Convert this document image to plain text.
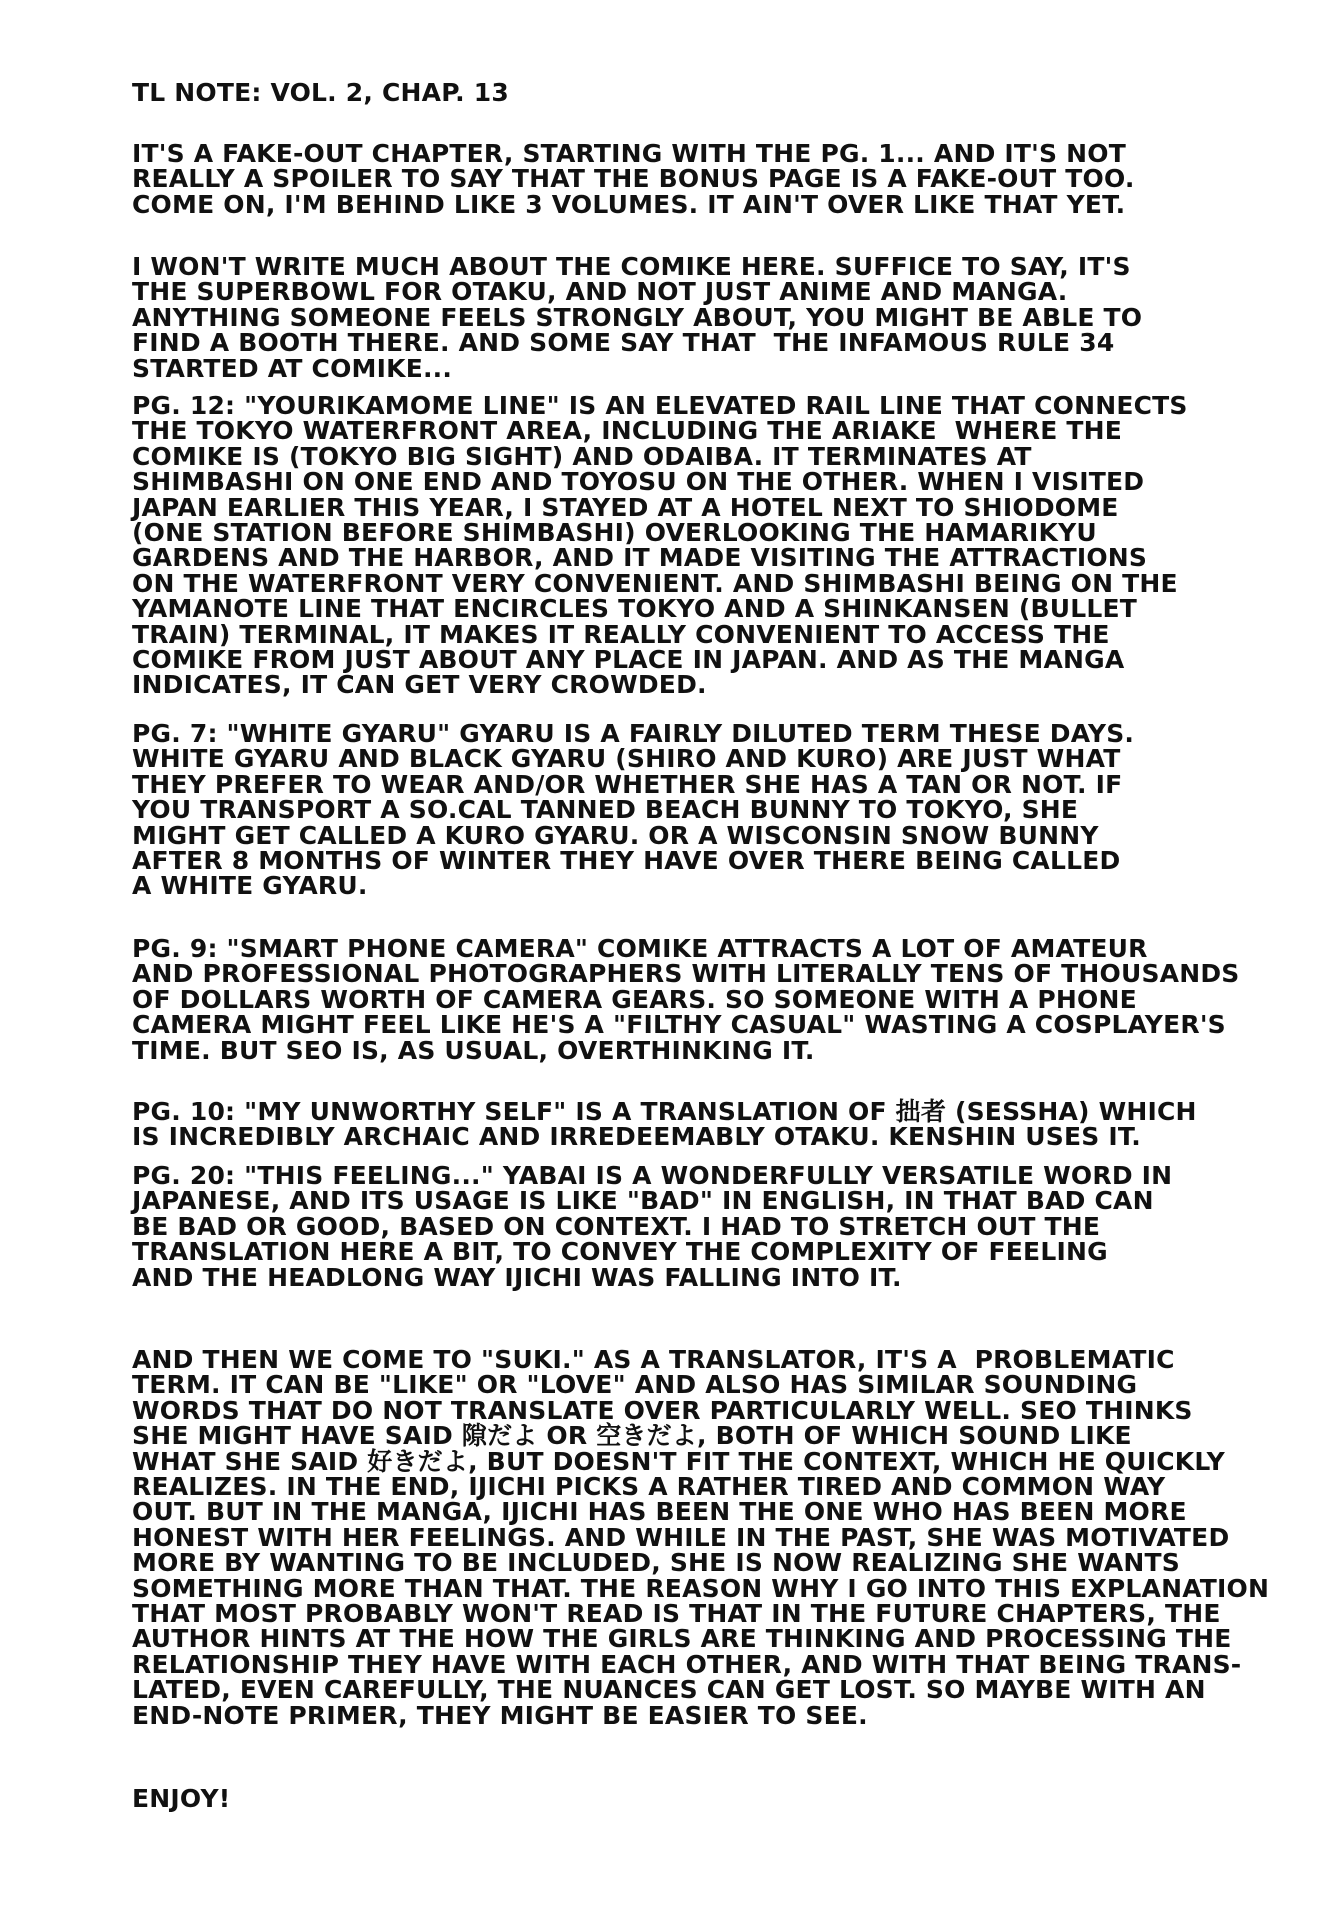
TL NOTE: VOL. 2, CHAP. 13

IT'S A FAKE-OUT CHAPTER, STARTING WITH THE PG. 1... AND IT'S NOT
REALLY A SPOILER TO SAY THAT THE BONUS PAGE IS A FAKE-OUT TOO.
COME ON, I'M BEHIND LIKE 3 VOLUMES. IT AIN'T OVER LIKE THAT YET.

I WON'T WRITE MUCH ABOUT THE COMIKE HERE. SUFFICE TO SAY, IT'S
THE SUPERBOWL FOR OTAKU, AND NOT JUST ANIME AND MANGA.
ANYTHING SOMEONE FEELS STRONGLY ABOUT, YOU MIGHT BE ABLE TO
FIND A BOOTH THERE. AND SOME SAY THAT  THE INFAMOUS RULE 34
STARTED AT COMIKE...

PG. 12: "YOURIKAMOME LINE" IS AN ELEVATED RAIL LINE THAT CONNECTS
THE TOKYO WATERFRONT AREA, INCLUDING THE ARIAKE  WHERE THE
COMIKE IS (TOKYO BIG SIGHT) AND ODAIBA. IT TERMINATES AT
SHIMBASHI ON ONE END AND TOYOSU ON THE OTHER. WHEN I VISITED
JAPAN EARLIER THIS YEAR, I STAYED AT A HOTEL NEXT TO SHIODOME
(ONE STATION BEFORE SHIMBASHI) OVERLOOKING THE HAMARIKYU
GARDENS AND THE HARBOR, AND IT MADE VISITING THE ATTRACTIONS
ON THE WATERFRONT VERY CONVENIENT. AND SHIMBASHI BEING ON THE
YAMANOTE LINE THAT ENCIRCLES TOKYO AND A SHINKANSEN (BULLET
TRAIN) TERMINAL, IT MAKES IT REALLY CONVENIENT TO ACCESS THE
COMIKE FROM JUST ABOUT ANY PLACE IN JAPAN. AND AS THE MANGA
INDICATES, IT CAN GET VERY CROWDED.

PG. 7: "WHITE GYARU" GYARU IS A FAIRLY DILUTED TERM THESE DAYS.
WHITE GYARU AND BLACK GYARU (SHIRO AND KURO) ARE JUST WHAT
THEY PREFER TO WEAR AND/OR WHETHER SHE HAS A TAN OR NOT. IF
YOU TRANSPORT A SO.CAL TANNED BEACH BUNNY TO TOKYO, SHE
MIGHT GET CALLED A KURO GYARU. OR A WISCONSIN SNOW BUNNY
AFTER 8 MONTHS OF WINTER THEY HAVE OVER THERE BEING CALLED
A WHITE GYARU.

PG. 9: "SMART PHONE CAMERA" COMIKE ATTRACTS A LOT OF AMATEUR
AND PROFESSIONAL PHOTOGRAPHERS WITH LITERALLY TENS OF THOUSANDS
OF DOLLARS WORTH OF CAMERA GEARS. SO SOMEONE WITH A PHONE
CAMERA MIGHT FEEL LIKE HE'S A "FILTHY CASUAL" WASTING A COSPLAYER'S
TIME. BUT SEO IS, AS USUAL, OVERTHINKING IT.

PG. 10: "MY UNWORTHY SELF" IS A TRANSLATION OF 拙者 (SESSHA) WHICH
IS INCREDIBLY ARCHAIC AND IRREDEEMABLY OTAKU. KENSHIN USES IT.

PG. 20: "THIS FEELING..." YABAI IS A WONDERFULLY VERSATILE WORD IN
JAPANESE, AND ITS USAGE IS LIKE "BAD" IN ENGLISH, IN THAT BAD CAN
BE BAD OR GOOD, BASED ON CONTEXT. I HAD TO STRETCH OUT THE
TRANSLATION HERE A BIT, TO CONVEY THE COMPLEXITY OF FEELING
AND THE HEADLONG WAY IJICHI WAS FALLING INTO IT.

AND THEN WE COME TO "SUKI." AS A TRANSLATOR, IT'S A  PROBLEMATIC
TERM. IT CAN BE "LIKE" OR "LOVE" AND ALSO HAS SIMILAR SOUNDING
WORDS THAT DO NOT TRANSLATE OVER PARTICULARLY WELL. SEO THINKS
SHE MIGHT HAVE SAID 隙だよ OR 空きだよ, BOTH OF WHICH SOUND LIKE
WHAT SHE SAID 好きだよ, BUT DOESN'T FIT THE CONTEXT, WHICH HE QUICKLY
REALIZES. IN THE END, IJICHI PICKS A RATHER TIRED AND COMMON WAY
OUT. BUT IN THE MANGA, IJICHI HAS BEEN THE ONE WHO HAS BEEN MORE
HONEST WITH HER FEELINGS. AND WHILE IN THE PAST, SHE WAS MOTIVATED
MORE BY WANTING TO BE INCLUDED, SHE IS NOW REALIZING SHE WANTS
SOMETHING MORE THAN THAT. THE REASON WHY I GO INTO THIS EXPLANATION
THAT MOST PROBABLY WON'T READ IS THAT IN THE FUTURE CHAPTERS, THE
AUTHOR HINTS AT THE HOW THE GIRLS ARE THINKING AND PROCESSING THE
RELATIONSHIP THEY HAVE WITH EACH OTHER, AND WITH THAT BEING TRANS-
LATED, EVEN CAREFULLY, THE NUANCES CAN GET LOST. SO MAYBE WITH AN
END-NOTE PRIMER, THEY MIGHT BE EASIER TO SEE.

ENJOY!
